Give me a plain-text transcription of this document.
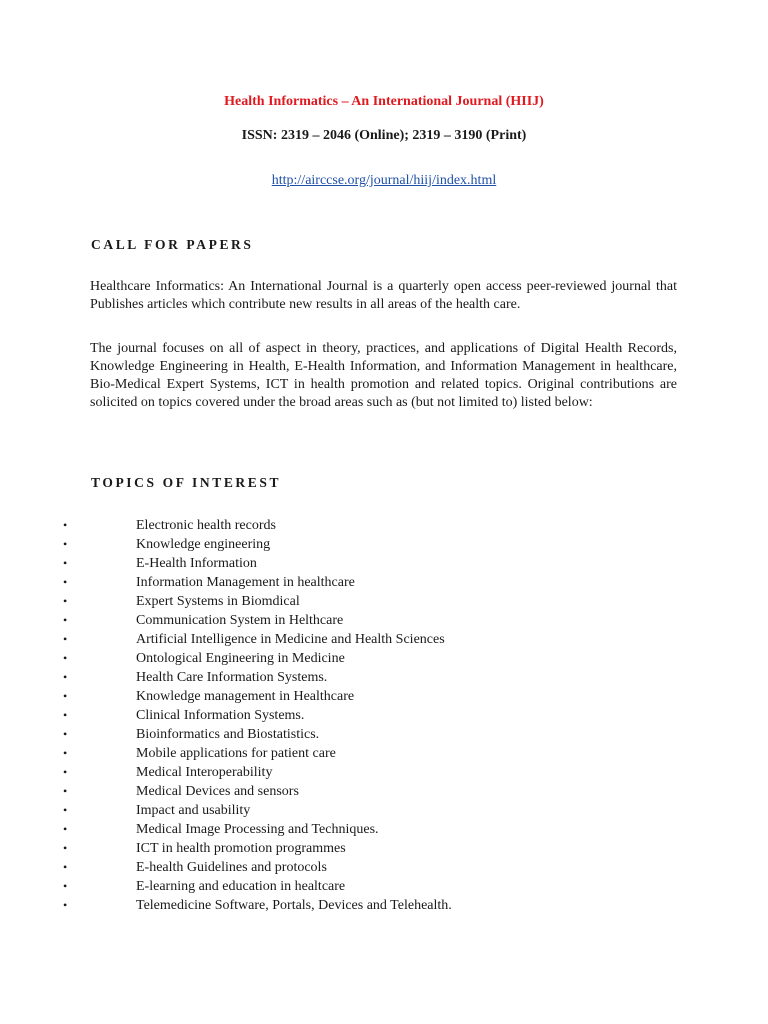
Health Informatics – An International Journal (HIIJ)
ISSN: 2319 – 2046 (Online); 2319 – 3190 (Print)
http://airccse.org/journal/hiij/index.html
CALL FOR PAPERS
Healthcare Informatics: An International Journal is a quarterly open access peer-reviewed journal that Publishes articles which contribute new results in all areas of the health care.
The journal focuses on all of aspect in theory, practices, and applications of Digital Health Records, Knowledge Engineering in Health, E-Health Information, and Information Management in healthcare, Bio-Medical Expert Systems, ICT in health promotion and related topics. Original contributions are solicited on topics covered under the broad areas such as (but not limited to) listed below:
TOPICS OF INTEREST
•	Electronic health records
•	Knowledge engineering
•	E-Health Information
•	Information Management in healthcare
•	Expert Systems in Biomdical
•	Communication System in Helthcare
•	Artificial Intelligence in Medicine and Health Sciences
•	Ontological Engineering in Medicine
•	Health Care Information Systems.
•	Knowledge management in Healthcare
•	Clinical Information Systems.
•	Bioinformatics and Biostatistics.
•	Mobile applications for patient care
•	Medical Interoperability
•	Medical Devices and sensors
•	Impact and usability
•	Medical Image Processing and Techniques.
•	ICT in health promotion programmes
•	E-health Guidelines and protocols
•	E-learning and education in healtcare
•	Telemedicine Software, Portals, Devices and Telehealth.
